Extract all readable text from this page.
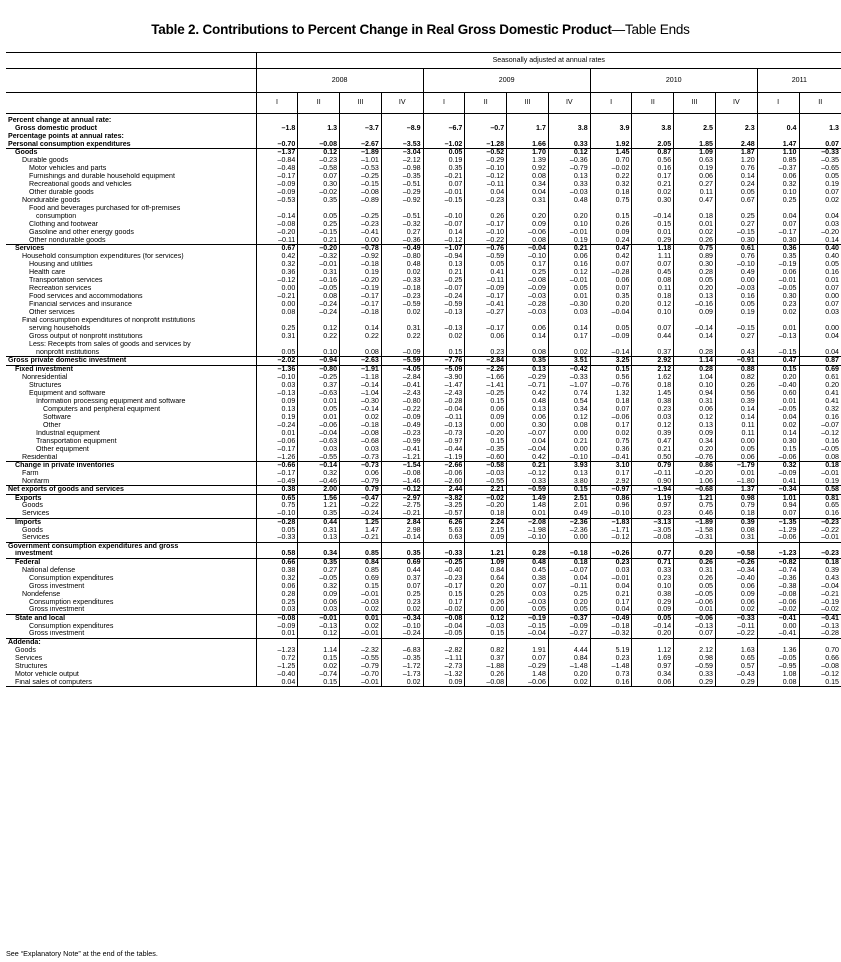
Table 2. Contributions to Percent Change in Real Gross Domestic Product—Table Ends
	Seasonally adjusted at annual rates													
	2008				2009				2010				2011	
	I	II	III	IV	I	II	III	IV	I	II	III	IV	I	II
Percent change at annual rate:														
Gross domestic product	–1.8	1.3	–3.7	–8.9	–6.7	–0.7	1.7	3.8	3.9	3.8	2.5	2.3	0.4	1.3
Percentage points at annual rates:														
Personal consumption expenditures	–0.70	–0.08	–2.67	–3.53	–1.02	–1.28	1.66	0.33	1.92	2.05	1.85	2.48	1.47	0.07
Goods	–1.37	0.12	–1.89	–3.04	0.05	–0.52	1.70	0.12	1.45	0.87	1.09	1.87	1.10	–0.33
Durable goods	–0.84	–0.23	–1.01	–2.12	0.19	–0.29	1.39	–0.36	0.70	0.56	0.63	1.20	0.85	–0.35
Motor vehicles and parts	–0.48	–0.58	–0.53	–0.98	0.35	–0.10	0.92	–0.79	–0.02	0.16	0.19	0.76	–0.37	–0.65
Furnishings and durable household equipment	–0.17	0.07	–0.25	–0.35	–0.21	–0.12	0.08	0.13	0.22	0.17	0.06	0.14	0.06	0.05
Recreational goods and vehicles	–0.09	0.30	–0.15	–0.51	0.07	–0.11	0.34	0.33	0.32	0.21	0.27	0.24	0.32	0.19
Other durable goods	–0.09	–0.02	–0.08	–0.29	–0.01	0.04	0.04	–0.03	0.18	0.02	0.11	0.05	0.10	0.07
Nondurable goods	–0.53	0.35	–0.89	–0.92	–0.15	–0.23	0.31	0.48	0.75	0.30	0.47	0.67	0.25	0.02
Food and beverages purchased for off-premises														
consumption	–0.14	0.05	–0.25	–0.51	–0.10	0.26	0.20	0.20	0.15	–0.14	0.18	0.25	0.04	0.04
Clothing and footwear	–0.08	0.25	–0.23	–0.32	–0.07	–0.17	0.09	0.10	0.26	0.15	0.01	0.27	0.07	0.03
Gasoline and other energy goods	–0.20	–0.15	–0.41	0.27	0.14	–0.10	–0.06	–0.01	0.09	0.01	0.02	–0.15	–0.17	–0.20
Other nondurable goods	–0.11	0.21	0.00	–0.36	–0.12	–0.22	0.08	0.19	0.24	0.29	0.26	0.30	0.30	0.14
Services	0.67	–0.20	–0.78	–0.49	–1.07	–0.76	–0.04	0.21	0.47	1.18	0.75	0.61	0.36	0.40
Household consumption expenditures (for services)	0.42	–0.32	–0.92	–0.80	–0.94	–0.59	–0.10	0.06	0.42	1.11	0.89	0.76	0.35	0.40
Housing and utilities	0.32	–0.01	–0.18	0.48	0.13	0.05	0.17	0.16	0.07	0.07	0.30	–0.10	–0.19	0.05
Health care	0.36	0.31	0.19	0.02	0.21	0.41	0.25	0.12	–0.28	0.45	0.28	0.49	0.06	0.16
Transportation services	–0.12	–0.16	–0.20	–0.33	–0.25	–0.11	–0.08	–0.01	0.06	0.08	0.05	0.00	–0.01	0.01
Recreation services	0.00	–0.05	–0.19	–0.18	–0.07	–0.09	–0.09	0.05	0.07	0.11	0.20	–0.03	–0.05	0.07
Food services and accommodations	–0.21	0.08	–0.17	–0.23	–0.24	–0.17	–0.03	0.01	0.35	0.18	0.13	0.16	0.30	0.00
Financial services and insurance	0.00	–0.24	–0.17	–0.59	–0.59	–0.41	–0.28	–0.30	0.20	0.12	–0.16	0.05	0.23	0.07
Other services	0.08	–0.24	–0.18	0.02	–0.13	–0.27	–0.03	0.03	–0.04	0.10	0.09	0.19	0.02	0.03
Final consumption expenditures of nonprofit institutions														
serving households	0.25	0.12	0.14	0.31	–0.13	–0.17	0.06	0.14	0.05	0.07	–0.14	–0.15	0.01	0.00
Gross output of nonprofit institutions	0.31	0.22	0.22	0.22	0.02	0.06	0.14	0.17	–0.09	0.44	0.14	0.27	–0.13	0.04
Less: Receipts from sales of goods and services by														
nonprofit institutions	0.05	0.10	0.08	–0.09	0.15	0.23	0.08	0.02	–0.14	0.37	0.28	0.43	–0.15	0.04
Gross private domestic investment	–2.02	–0.94	–2.63	–5.59	–7.76	–2.84	0.35	3.51	3.25	2.92	1.14	–0.91	0.47	0.87
Fixed investment	–1.36	–0.80	–1.91	–4.05	–5.09	–2.26	0.13	–0.42	0.15	2.12	0.28	0.88	0.15	0.69
Nonresidential	–0.10	–0.25	–1.18	–2.84	–3.90	–1.66	–0.29	–0.33	0.56	1.62	1.04	0.82	0.20	0.61
Structures	0.03	0.37	–0.14	–0.41	–1.47	–1.41	–0.71	–1.07	–0.76	0.18	0.10	0.26	–0.40	0.20
Equipment and software	–0.13	–0.63	–1.04	–2.43	–2.43	–0.25	0.42	0.74	1.32	1.45	0.94	0.56	0.60	0.41
Information processing equipment and software	0.09	0.01	–0.30	–0.80	–0.28	0.15	0.48	0.54	0.18	0.38	0.31	0.39	0.01	0.41
Computers and peripheral equipment	0.13	0.05	–0.14	–0.22	–0.04	0.06	0.13	0.34	0.07	0.23	0.06	0.14	–0.05	0.32
Software	0.19	0.01	0.02	–0.09	–0.11	0.09	0.06	0.12	–0.06	0.03	0.12	0.14	0.04	0.16
Other	–0.24	–0.06	–0.18	–0.49	–0.13	0.00	0.30	0.08	0.17	0.12	0.13	0.11	0.02	–0.07
Industrial equipment	0.01	–0.04	–0.08	–0.23	–0.73	–0.20	–0.07	0.00	0.02	0.39	0.09	0.11	0.14	–0.12
Transportation equipment	–0.06	–0.63	–0.68	–0.99	–0.97	0.15	0.04	0.21	0.75	0.47	0.34	0.00	0.30	0.16
Other equipment	–0.17	0.03	0.03	–0.41	–0.44	–0.35	–0.04	0.00	0.36	0.21	0.20	0.05	0.15	–0.05
Residential	–1.26	–0.55	–0.73	–1.21	–1.19	–0.60	0.42	–0.10	–0.41	0.50	–0.76	0.06	–0.06	0.08
Change in private inventories	–0.66	–0.14	–0.73	–1.54	–2.66	–0.58	0.21	3.93	3.10	0.79	0.86	–1.79	0.32	0.18
Farm	–0.17	0.32	0.06	–0.08	–0.06	–0.03	–0.12	0.13	0.17	–0.11	–0.20	0.01	–0.09	–0.01
Nonfarm	–0.49	–0.46	–0.79	–1.46	–2.60	–0.55	0.33	3.80	2.92	0.90	1.06	–1.80	0.41	0.19
Net exports of goods and services	0.38	2.00	0.79	–0.12	2.44	2.21	–0.59	0.15	–0.97	–1.94	–0.68	1.37	–0.34	0.58
Exports	0.65	1.56	–0.47	–2.97	–3.82	–0.02	1.49	2.51	0.86	1.19	1.21	0.98	1.01	0.81
Goods	0.75	1.21	–0.22	–2.75	–3.25	–0.20	1.48	2.01	0.96	0.97	0.75	0.79	0.94	0.65
Services	–0.10	0.35	–0.24	–0.21	–0.57	0.18	0.01	0.49	–0.10	0.23	0.46	0.18	0.07	0.16
Imports	–0.28	0.44	1.25	2.84	6.26	2.24	–2.08	–2.36	–1.83	–3.13	–1.89	0.39	–1.35	–0.23
Goods	0.05	0.31	1.47	2.98	5.63	2.15	–1.98	–2.36	–1.71	–3.05	–1.58	0.08	–1.29	–0.22
Services	–0.33	0.13	–0.21	–0.14	0.63	0.09	–0.10	0.00	–0.12	–0.08	–0.31	0.31	–0.06	–0.01
Government consumption expenditures and gross														
investment	0.58	0.34	0.85	0.35	–0.33	1.21	0.28	–0.18	–0.26	0.77	0.20	–0.58	–1.23	–0.23
Federal	0.66	0.35	0.84	0.69	–0.25	1.09	0.48	0.18	0.23	0.71	0.26	–0.26	–0.82	0.18
National defense	0.38	0.27	0.85	0.44	–0.40	0.84	0.45	–0.07	0.03	0.33	0.31	–0.34	–0.74	0.39
Consumption expenditures	0.32	–0.05	0.69	0.37	–0.23	0.64	0.38	0.04	–0.01	0.23	0.26	–0.40	–0.36	0.43
Gross investment	0.06	0.32	0.15	0.07	–0.17	0.20	0.07	–0.11	0.04	0.10	0.05	0.06	–0.38	–0.04
Nondefense	0.28	0.09	–0.01	0.25	0.15	0.25	0.03	0.25	0.21	0.38	–0.05	0.09	–0.08	–0.21
Consumption expenditures	0.25	0.06	–0.03	0.23	0.17	0.26	–0.03	0.20	0.17	0.29	–0.06	0.06	–0.06	–0.19
Gross investment	0.03	0.03	0.02	0.02	–0.02	0.00	0.05	0.05	0.04	0.09	0.01	0.02	–0.02	–0.02
State and local	–0.08	–0.01	0.01	–0.34	–0.08	0.12	–0.19	–0.37	–0.49	0.05	–0.06	–0.33	–0.41	–0.41
Consumption expenditures	–0.09	–0.13	0.02	–0.10	–0.04	–0.03	–0.15	–0.09	–0.18	–0.14	–0.13	–0.11	0.00	–0.13
Gross investment	0.01	0.12	–0.01	–0.24	–0.05	0.15	–0.04	–0.27	–0.32	0.20	0.07	–0.22	–0.41	–0.28
Addenda:														
Goods	–1.23	1.14	–2.32	–6.83	–2.82	0.82	1.91	4.44	5.19	1.12	2.12	1.63	1.36	0.70
Services	0.72	0.15	–0.55	–0.35	–1.11	0.37	0.07	0.84	0.23	1.69	0.98	0.65	–0.05	0.66
Structures	–1.25	0.02	–0.79	–1.72	–2.73	–1.88	–0.29	–1.48	–1.48	0.97	–0.59	0.57	–0.95	–0.08
Motor vehicle output	–0.40	–0.74	–0.70	–1.73	–1.32	0.26	1.48	0.20	0.73	0.34	0.33	–0.43	1.08	–0.12
Final sales of computers	0.04	0.15	–0.01	0.02	0.09	–0.08	–0.06	0.02	0.16	0.06	0.29	0.29	0.08	0.15
See “Explanatory Note” at the end of the tables.
